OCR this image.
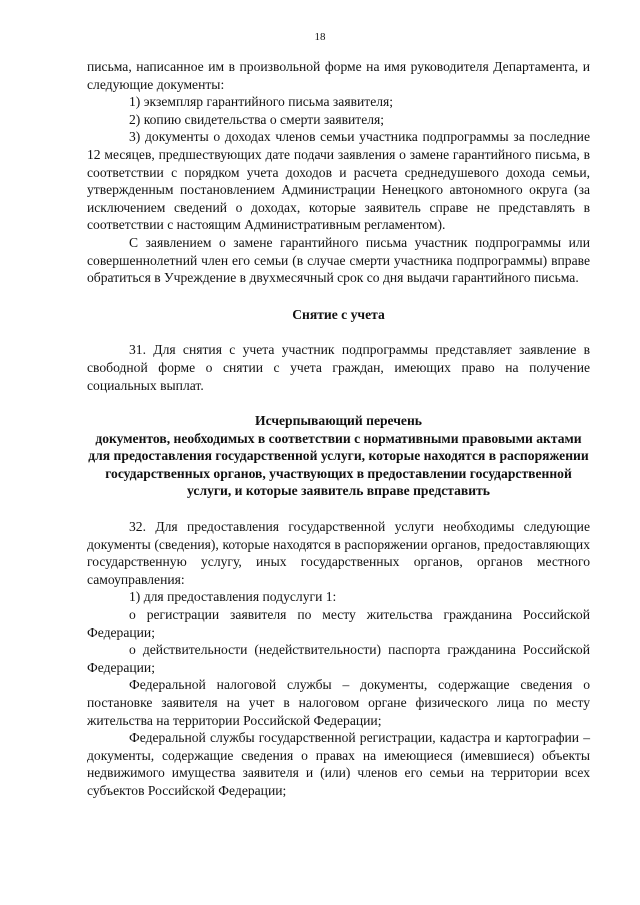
18

письма, написанное им в произвольной форме на имя руководителя Департамента, и следующие документы:

1) экземпляр гарантийного письма заявителя;

2) копию свидетельства о смерти заявителя;

3) документы о доходах членов семьи участника подпрограммы за последние 12 месяцев, предшествующих дате подачи заявления о замене гарантийного письма, в соответствии с порядком учета доходов и расчета среднедушевого дохода семьи, утвержденным постановлением Администрации Ненецкого автономного округа (за исключением сведений о доходах, которые заявитель справе не представлять в соответствии с настоящим Административным регламентом).

С заявлением о замене гарантийного письма участник подпрограммы или совершеннолетний член его семьи (в случае смерти участника подпрограммы) вправе обратиться в Учреждение в двухмесячный срок со дня выдачи гарантийного письма.

Снятие с учета

31. Для снятия с учета участник подпрограммы представляет заявление в свободной форме о снятии с учета граждан, имеющих право на получение социальных выплат.

Исчерпывающий перечень
документов, необходимых в соответствии с нормативными правовыми актами для предоставления государственной услуги, которые находятся в распоряжении государственных органов, участвующих в предоставлении государственной услуги, и которые заявитель вправе представить

32. Для предоставления государственной услуги необходимы следующие документы (сведения), которые находятся в распоряжении органов, предоставляющих государственную услугу, иных государственных органов, органов местного самоуправления:

1) для предоставления подуслуги 1:

о регистрации заявителя по месту жительства гражданина Российской Федерации;

о действительности (недействительности) паспорта гражданина Российской Федерации;

Федеральной налоговой службы – документы, содержащие сведения о постановке заявителя на учет в налоговом органе физического лица по месту жительства на территории Российской Федерации;

Федеральной службы государственной регистрации, кадастра и картографии – документы, содержащие сведения о правах на имеющиеся (имевшиеся) объекты недвижимого имущества заявителя и (или) членов его семьи на территории всех субъектов Российской Федерации;
